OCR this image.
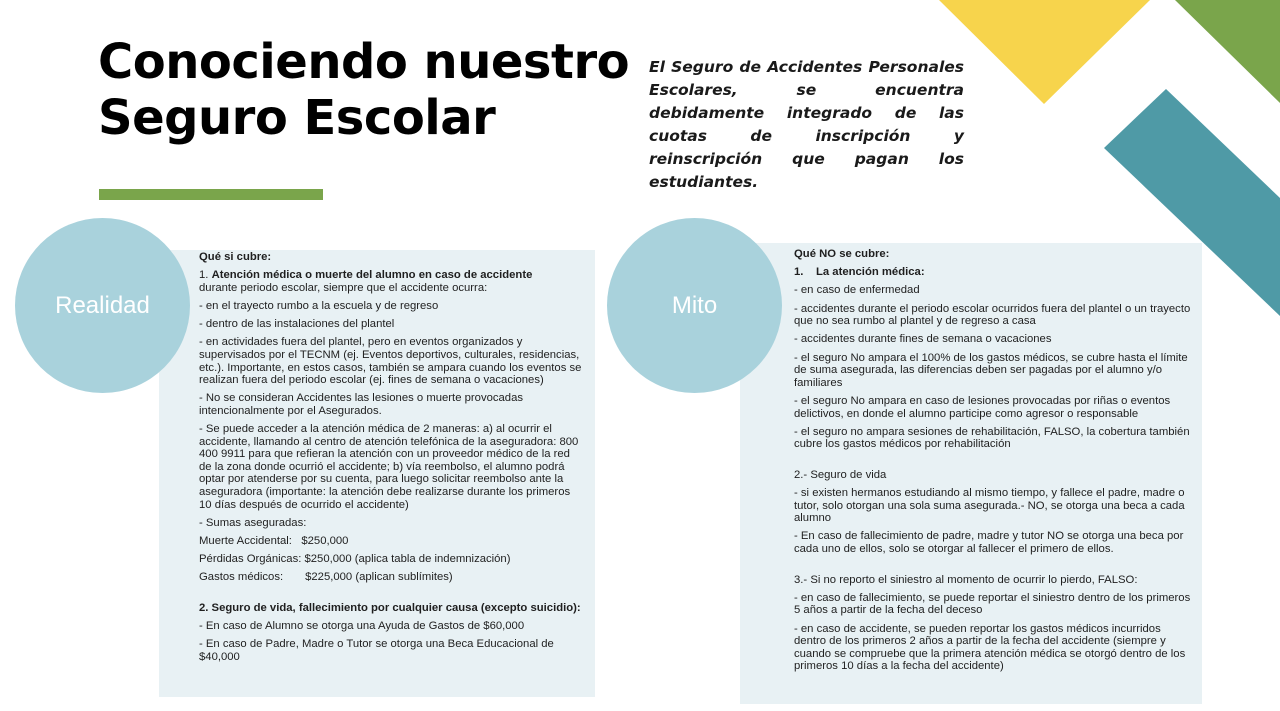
Conociendo nuestro
Seguro Escolar

El Seguro de Accidentes Personales Escolares, se encuentra debidamente integrado de las cuotas de inscripción y reinscripción que pagan los estudiantes.

Qué si cubre:

1. Atención médica o muerte del alumno en caso de accidente
durante periodo escolar, siempre que el accidente ocurra:

- en el trayecto rumbo a la escuela y de regreso

- dentro de las instalaciones del plantel

- en actividades fuera del plantel, pero en eventos organizados y supervisados por el TECNM (ej. Eventos deportivos, culturales, residencias, etc.). Importante, en estos casos, también se ampara cuando los eventos se realizan fuera del periodo escolar (ej. fines de semana o vacaciones)

- No se consideran Accidentes las lesiones o muerte provocadas intencionalmente por el Asegurados.

- Se puede acceder a la atención médica de 2 maneras: a) al ocurrir el accidente, llamando al centro de atención telefónica de la aseguradora: 800 400 9911 para que refieran la atención con un proveedor médico de la red de la zona donde ocurrió el accidente; b) vía reembolso, el alumno podrá optar por atenderse por su cuenta, para luego solicitar reembolso ante la aseguradora (importante: la atención debe realizarse durante los primeros 10 días después de ocurrido el accidente)

- Sumas aseguradas:

Muerte Accidental:   $250,000

Pérdidas Orgánicas: $250,000 (aplica tabla de indemnización)

Gastos médicos:       $225,000 (aplican sublímites)

2. Seguro de vida, fallecimiento por cualquier causa (excepto suicidio):

- En caso de Alumno se otorga una Ayuda de Gastos de $60,000

- En caso de Padre, Madre o Tutor se otorga una Beca Educacional de $40,000

Realidad

Qué NO se cubre:

1.    La atención médica:

- en caso de enfermedad

- accidentes durante el periodo escolar ocurridos fuera del plantel o un trayecto que no sea rumbo al plantel y de regreso a casa

- accidentes durante fines de semana o vacaciones

- el seguro No ampara el 100% de los gastos médicos, se cubre hasta el límite de suma asegurada, las diferencias deben ser pagadas por el alumno y/o familiares

- el seguro No ampara en caso de lesiones provocadas por riñas o eventos delictivos, en donde el alumno participe como agresor o responsable

- el seguro no ampara sesiones de rehabilitación, FALSO, la cobertura también cubre los gastos médicos por rehabilitación

2.- Seguro de vida

- si existen hermanos estudiando al mismo tiempo, y fallece el padre, madre o tutor, solo otorgan una sola suma asegurada.- NO, se otorga una beca a cada alumno

- En caso de fallecimiento de padre, madre y tutor NO se otorga una beca por cada uno de ellos, solo se otorgar al fallecer el primero de ellos.

3.- Si no reporto el siniestro al momento de ocurrir lo pierdo, FALSO:

- en caso de fallecimiento, se puede reportar el siniestro dentro de los primeros 5 años a partir de la fecha del deceso

- en caso de accidente, se pueden reportar los gastos médicos incurridos dentro de los primeros 2 años a partir de la fecha del accidente (siempre y cuando se compruebe que la primera atención médica se otorgó dentro de los primeros 10 días a la fecha del accidente)

Mito
